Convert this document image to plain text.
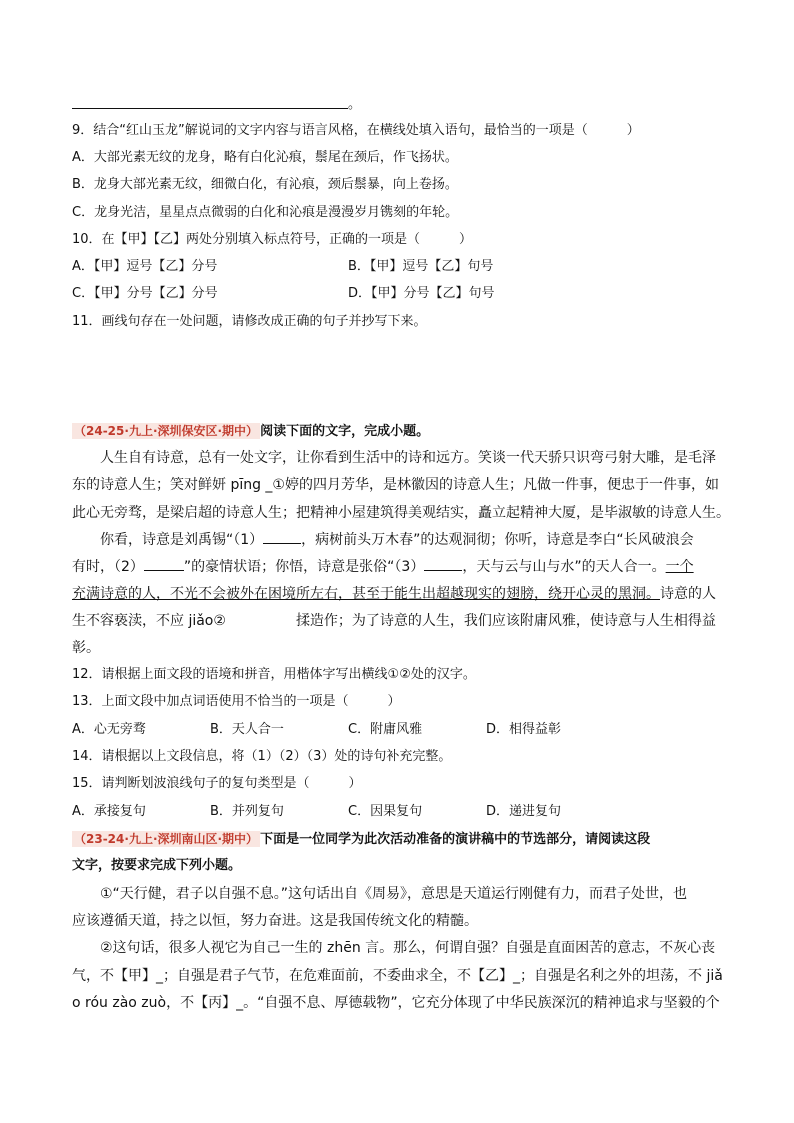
。
9．结合“红山玉龙”解说词的文字内容与语言风格，在横线处填入语句，最恰当的一项是（　　　）
A．大部光素无纹的龙身，略有白化沁痕，鬃尾在颈后，作飞扬状。
B．龙身大部光素无纹，细微白化，有沁痕，颈后鬃暴，向上卷扬。
C．龙身光洁，星星点点微弱的白化和沁痕是漫漫岁月镌刻的年轮。
10．在【甲】【乙】两处分别填入标点符号，正确的一项是（　　　）
A．【甲】逗号【乙】分号	B．【甲】逗号【乙】句号
C．【甲】分号【乙】分号	D．【甲】分号【乙】句号
11．画线句存在一处问题，请修改成正确的句子并抄写下来。
（24-25·九上·深圳保安区·期中） 阅读下面的文字，完成小题。
人生自有诗意，总有一处文字，让你看到生活中的诗和远方。笑谈一代天骄只识弯弓射大雕，是毛泽
东的诗意人生；笑对鲜妍 pīng _①婷的四月芳华，是林徽因的诗意人生；凡做一件事，便忠于一件事，如
此心无旁骛，是梁启超的诗意人生；把精神小屋建筑得美观结实，矗立起精神大厦，是毕淑敏的诗意人生。
你看，诗意是刘禹锡“（1）	，病树前头万木春”的达观洞彻；你听，诗意是李白“长风破浪会
有时，（2）	”的豪情状语；你悟，诗意是张俗“（3）	，天与云与山与水”的天人合一。一个
充满诗意的人，不光不会被外在困境所左右，甚至于能生出超越现实的翅膀，绕开心灵的黑洞。诗意的人
生不容亵渎，不应 jiǎo②	揉造作；为了诗意的人生，我们应该附庸风雅，使诗意与人生相得益
彰。
12．请根据上面文段的语境和拼音，用楷体字写出横线①②处的汉字。
13．上面文段中加点词语使用不恰当的一项是（　　　）
A．心无旁骛	B．天人合一	C．附庸风雅	D．相得益彰
14．请根据以上文段信息，将（1）（2）（3）处的诗句补充完整。
15．请判断划波浪线句子的复句类型是（　　　）
A．承接复句	B．并列复句	C．因果复句	D．递进复句
（23-24·九上·深圳南山区·期中） 下面是一位同学为此次活动准备的演讲稿中的节选部分，请阅读这段
文字，按要求完成下列小题。
①“天行健，君子以自强不息。”这句话出自《周易》，意思是天道运行刚健有力，而君子处世，也
应该遵循天道，持之以恒，努力奋进。这是我国传统文化的精髓。
②这句话，很多人视它为自己一生的 zhēn 言。那么，何谓自强？自强是直面困苦的意志，不灰心丧
气，不【甲】_；自强是君子气节，在危难面前，不委曲求全，不【乙】_；自强是名利之外的坦荡，不 jiǎ
o róu zào zuò，不【丙】_。“自强不息、厚德载物”，它充分体现了中华民族深沉的精神追求与坚毅的个
